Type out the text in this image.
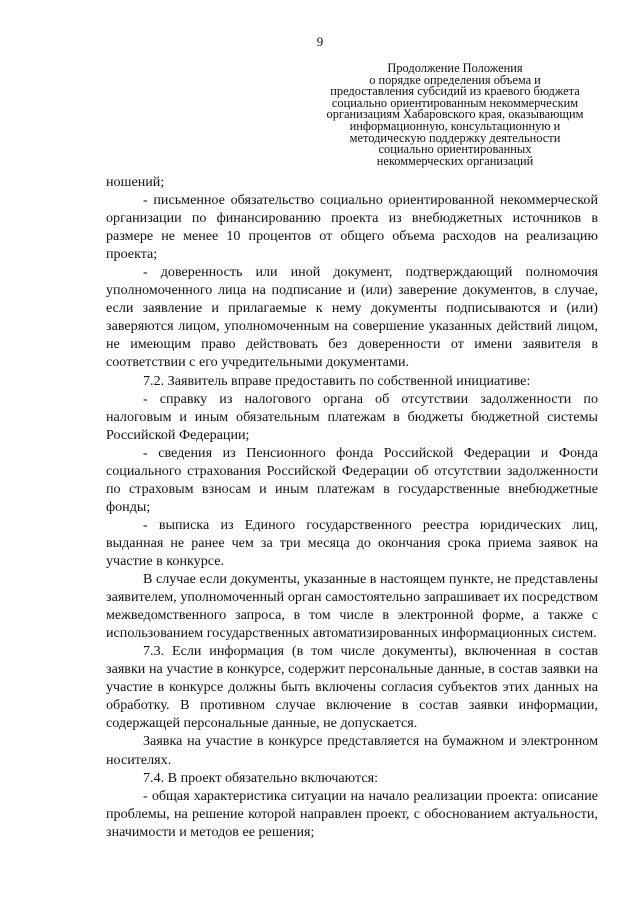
9
Продолжение Положения
о порядке определения объема и
предоставления субсидий из краевого бюджета
социально ориентированным некоммерческим
организациям Хабаровского края, оказывающим
информационную, консультационную и
методическую поддержку деятельности
социально ориентированных
некоммерческих организаций

ношений;

- письменное обязательство социально ориентированной некоммерческой организации по финансированию проекта из внебюджетных источников в размере не менее 10 процентов от общего объема расходов на реализацию проекта;

- доверенность или иной документ, подтверждающий полномочия уполномоченного лица на подписание и (или) заверение документов, в случае, если заявление и прилагаемые к нему документы подписываются и (или) заверяются лицом, уполномоченным на совершение указанных действий лицом, не имеющим право действовать без доверенности от имени заявителя в соответствии с его учредительными документами.

7.2. Заявитель вправе предоставить по собственной инициативе:

- справку из налогового органа об отсутствии задолженности по налоговым и иным обязательным платежам в бюджеты бюджетной системы Российской Федерации;

- сведения из Пенсионного фонда Российской Федерации и Фонда социального страхования Российской Федерации об отсутствии задолженности по страховым взносам и иным платежам в государственные внебюджетные фонды;

- выписка из Единого государственного реестра юридических лиц, выданная не ранее чем за три месяца до окончания срока приема заявок на участие в конкурсе.

В случае если документы, указанные в настоящем пункте, не представлены заявителем, уполномоченный орган самостоятельно запрашивает их посредством межведомственного запроса, в том числе в электронной форме, а также с использованием государственных автоматизированных информационных систем.

7.3. Если информация (в том числе документы), включенная в состав заявки на участие в конкурсе, содержит персональные данные, в состав заявки на участие в конкурсе должны быть включены согласия субъектов этих данных на обработку. В противном случае включение в состав заявки информации, содержащей персональные данные, не допускается.

Заявка на участие в конкурсе представляется на бумажном и электронном носителях.

7.4. В проект обязательно включаются:

- общая характеристика ситуации на начало реализации проекта: описание проблемы, на решение которой направлен проект, с обоснованием актуальности, значимости и методов ее решения;
